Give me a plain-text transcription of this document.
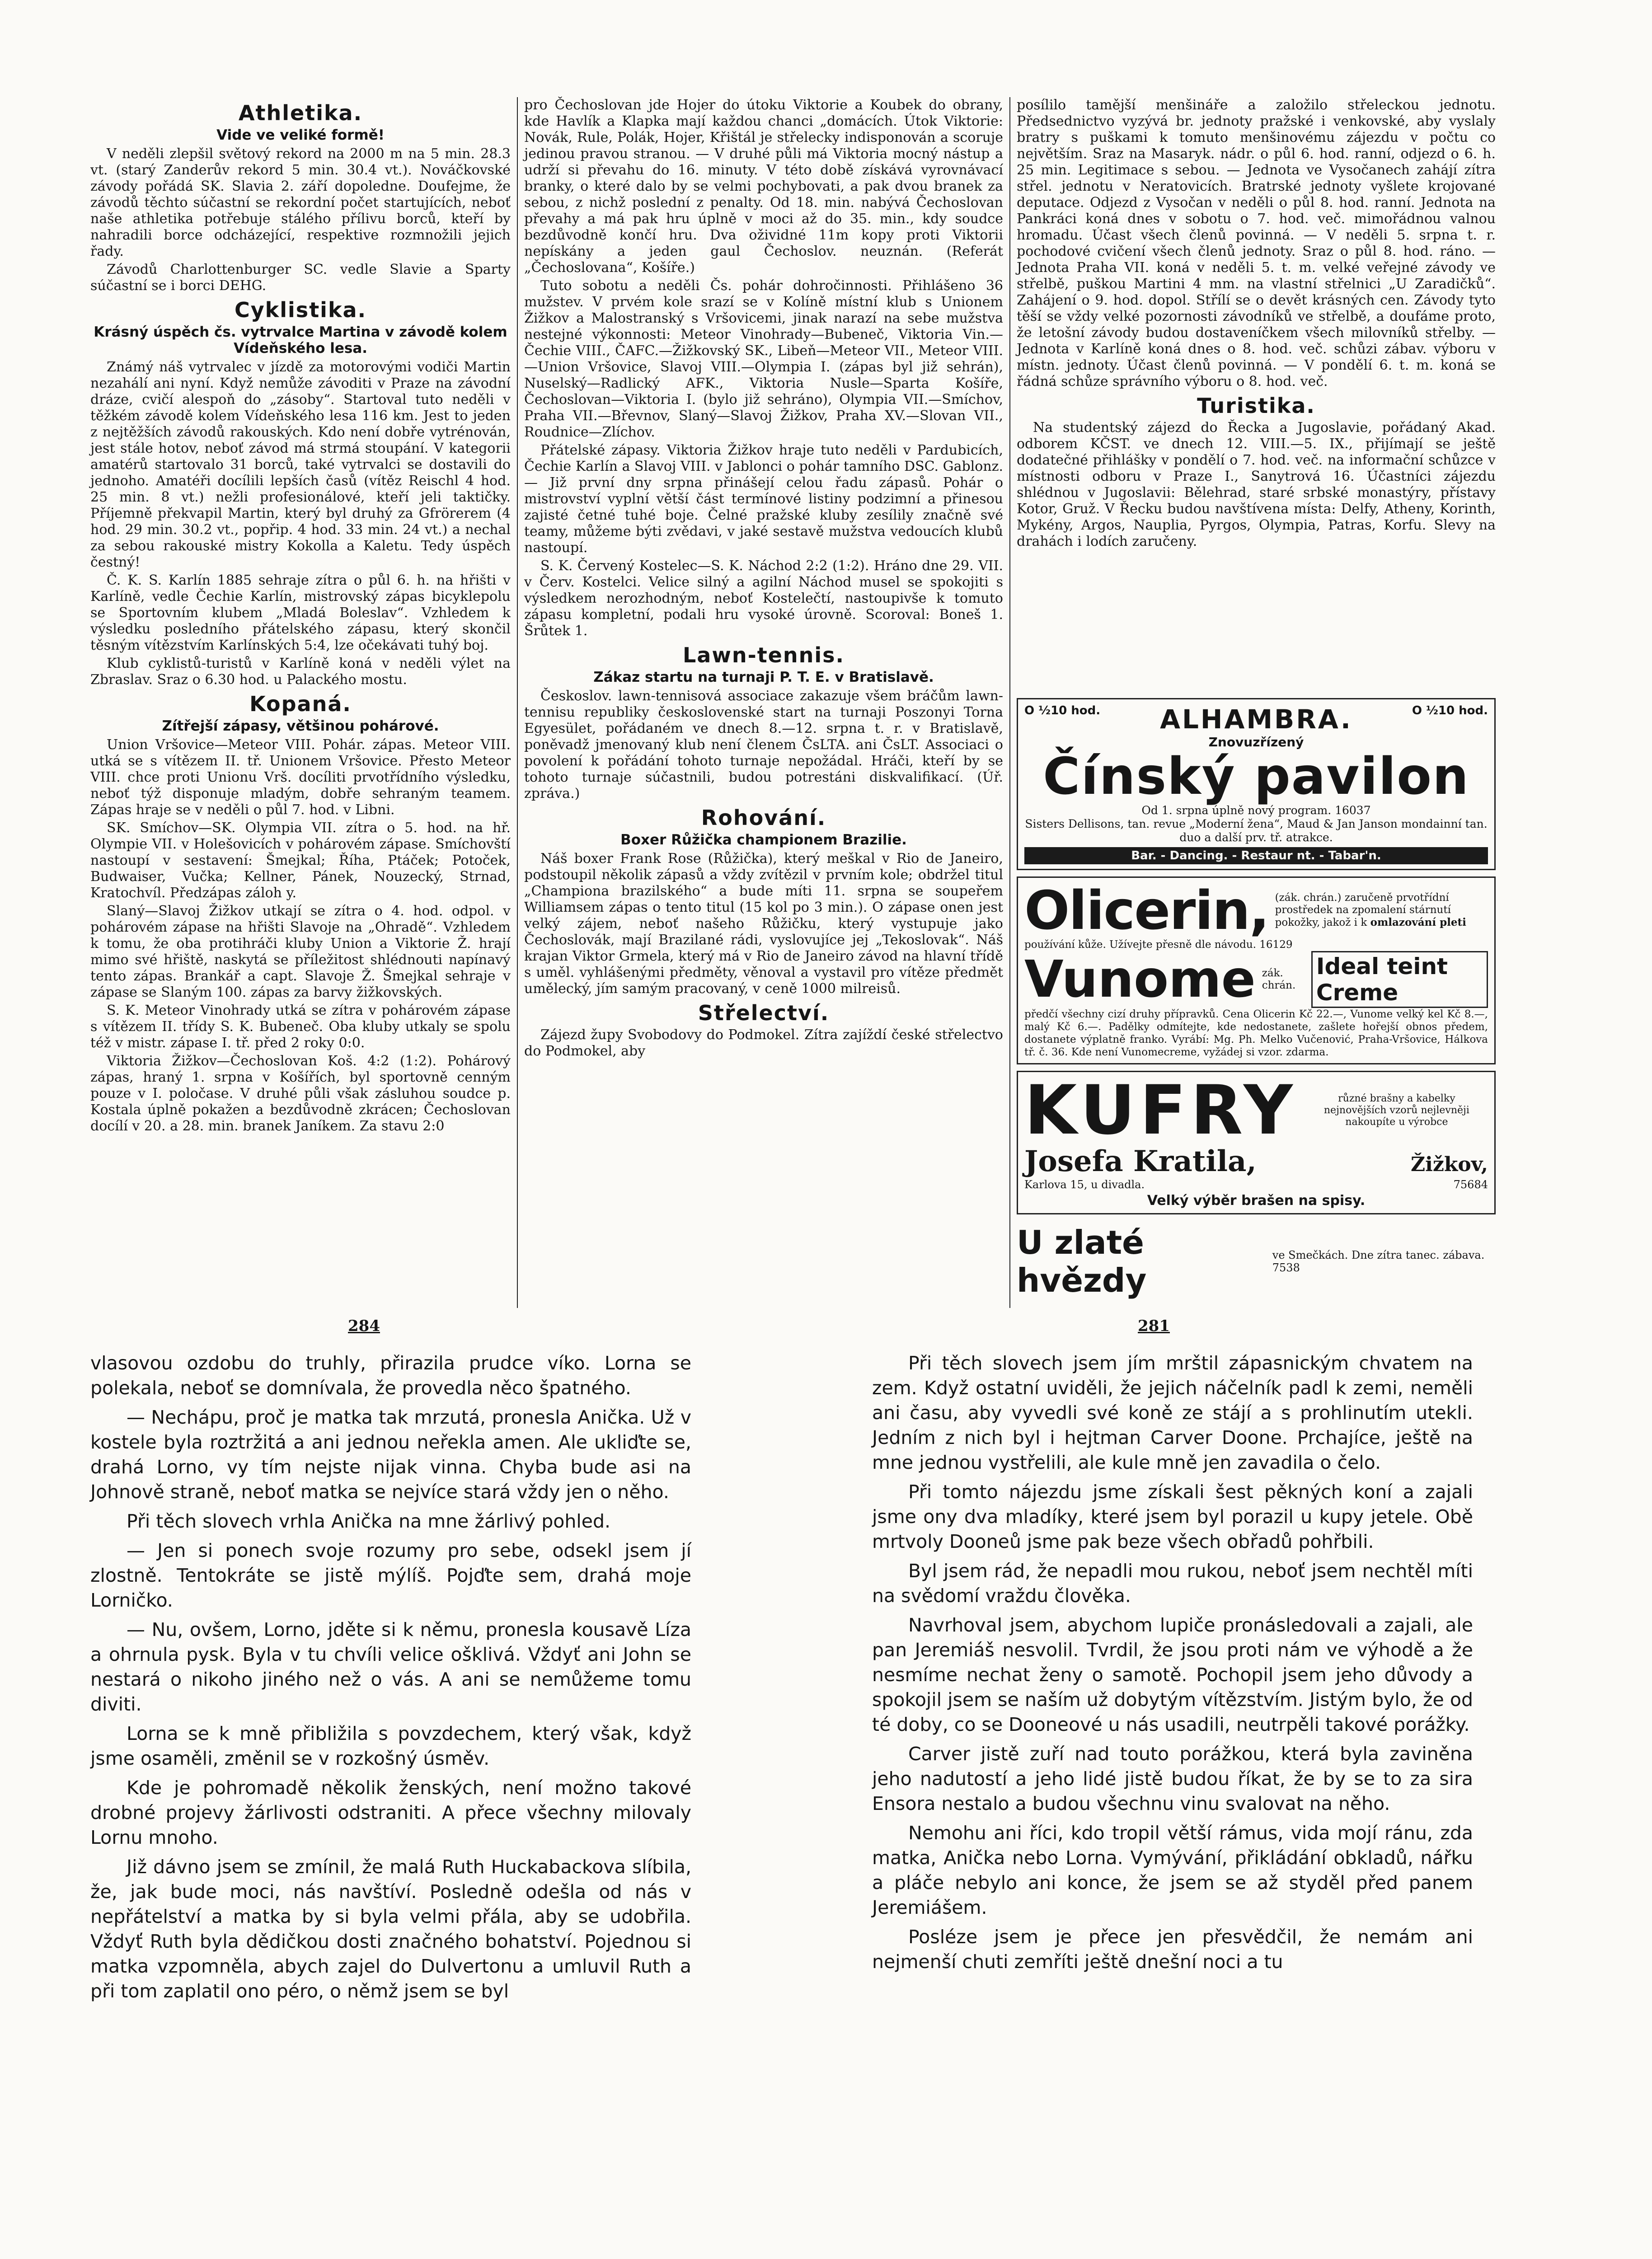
Athletika.
Vide ve veliké formě!
V neděli zlepšil světový rekord na 2000 m na 5 min. 28.3 vt. (starý Zanderův rekord 5 min. 30.4 vt.). Nováčkovské závody pořádá SK. Slavia 2. září dopoledne. Doufejme, že závodů těchto súčastní se rekordní počet startujících, neboť naše athletika potřebuje stálého přílivu borců, kteří by nahradili borce odcházející, respektive rozmnožili jejich řady.
Závodů Charlottenburger SC. vedle Slavie a Sparty súčastní se i borci DEHG.
Cyklistika.
Krásný úspěch čs. vytrvalce Martina v závodě kolem Vídeňského lesa.
Známý náš vytrvalec v jízdě za motorovými vodiči Martin nezahálí ani nyní. Když nemůže závoditi v Praze na závodní dráze, cvičí alespoň do „zásoby“. Startoval tuto neděli v těžkém závodě kolem Vídeňského lesa 116 km. Jest to jeden z nejtěžších závodů rakouských. Kdo není dobře vytrénován, jest stále hotov, neboť závod má strmá stoupání. V kategorii amatérů startovalo 31 borců, také vytrvalci se dostavili do jednoho. Amatéři docílili lepších časů (vítěz Reischl 4 hod. 25 min. 8 vt.) nežli profesionálové, kteří jeli taktičky. Příjemně překvapil Martin, který byl druhý za Gfrörerem (4 hod. 29 min. 30.2 vt., popřip. 4 hod. 33 min. 24 vt.) a nechal za sebou rakouské mistry Kokolla a Kaletu. Tedy úspěch čestný!
Č. K. S. Karlín 1885 sehraje zítra o půl 6. h. na hřišti v Karlíně, vedle Čechie Karlín, mistrovský zápas bicyklepolu se Sportovním klubem „Mladá Boleslav“. Vzhledem k výsledku posledního přátelského zápasu, který skončil těsným vítězstvím Karlínských 5:4, lze očekávati tuhý boj.
Klub cyklistů-turistů v Karlíně koná v neděli výlet na Zbraslav. Sraz o 6.30 hod. u Palackého mostu.
Kopaná.
Zítřejší zápasy, většinou pohárové.
Union Vršovice—Meteor VIII. Pohár. zápas. Meteor VIII. utká se s vítězem II. tř. Unionem Vršovice. Přesto Meteor VIII. chce proti Unionu Vrš. docíliti prvotřídního výsledku, neboť týž disponuje mladým, dobře sehraným teamem. Zápas hraje se v neděli o půl 7. hod. v Libni.
SK. Smíchov—SK. Olympia VII. zítra o 5. hod. na hř. Olympie VII. v Holešovicích v pohárovém zápase. Smíchovští nastoupí v sestavení: Šmejkal; Říha, Ptáček; Potoček, Budwaiser, Vučka; Kellner, Pánek, Nouzecký, Strnad, Kratochvíl. Předzápas záloh y.
Slaný—Slavoj Žižkov utkají se zítra o 4. hod. odpol. v pohárovém zápase na hřišti Slavoje na „Ohradě“. Vzhledem k tomu, že oba protihráči kluby Union a Viktorie Ž. hrají mimo své hřiště, naskytá se příležitost shlédnouti napínavý tento zápas. Brankář a capt. Slavoje Ž. Šmejkal sehraje v zápase se Slaným 100. zápas za barvy žižkovských.
S. K. Meteor Vinohrady utká se zítra v pohárovém zápase s vítězem II. třídy S. K. Bubeneč. Oba kluby utkaly se spolu též v mistr. zápase I. tř. před 2 roky 0:0.
Viktoria Žižkov—Čechoslovan Koš. 4:2 (1:2). Pohárový zápas, hraný 1. srpna v Košířích, byl sportovně cenným pouze v I. poločase. V druhé půli však zásluhou soudce p. Kostala úplně pokažen a bezdůvodně zkrácen; Čechoslovan docílí v 20. a 28. min. branek Janíkem. Za stavu 2:0
pro Čechoslovan jde Hojer do útoku Viktorie a Koubek do obrany, kde Havlík a Klapka mají každou chanci „domácích. Útok Viktorie: Novák, Rule, Polák, Hojer, Křištál je střelecky indisponován a scoruje jedinou pravou stranou. — V druhé půli má Viktoria mocný nástup a udrží si převahu do 16. minuty. V této době získává vyrovnávací branky, o které dalo by se velmi pochybovati, a pak dvou branek za sebou, z nichž poslední z penalty. Od 18. min. nabývá Čechoslovan převahy a má pak hru úplně v moci až do 35. min., kdy soudce bezdůvodně končí hru. Dva ožividné 11m kopy proti Viktorii nepískány a jeden gaul Čechoslov. neuznán. (Referát „Čechoslovana“, Košíře.)
Tuto sobotu a neděli Čs. pohár dohročinnosti. Přihlášeno 36 mužstev. V prvém kole srazí se v Kolíně místní klub s Unionem Žižkov a Malostranský s Vršovicemi, jinak narazí na sebe mužstva nestejné výkonnosti: Meteor Vinohrady—Bubeneč, Viktoria Vin.—Čechie VIII., ČAFC.—Žižkovský SK., Libeň—Meteor VII., Meteor VIII.—Union Vršovice, Slavoj VIII.—Olympia I. (zápas byl již sehrán), Nuselský—Radlický AFK., Viktoria Nusle—Sparta Košíře, Čechoslovan—Viktoria I. (bylo již sehráno), Olympia VII.—Smíchov, Praha VII.—Břevnov, Slaný—Slavoj Žižkov, Praha XV.—Slovan VII., Roudnice—Zlíchov.
Přátelské zápasy. Viktoria Žižkov hraje tuto neděli v Pardubicích, Čechie Karlín a Slavoj VIII. v Jablonci o pohár tamního DSC. Gablonz. — Již první dny srpna přinášejí celou řadu zápasů. Pohár o mistrovství vyplní větší část termínové listiny podzimní a přinesou zajisté četné tuhé boje. Čelné pražské kluby zesílily značně své teamy, můžeme býti zvědavi, v jaké sestavě mužstva vedoucích klubů nastoupí.
S. K. Červený Kostelec—S. K. Náchod 2:2 (1:2). Hráno dne 29. VII. v Červ. Kostelci. Velice silný a agilní Náchod musel se spokojiti s výsledkem nerozhodným, neboť Kostelečtí, nastoupivše k tomuto zápasu kompletní, podali hru vysoké úrovně. Scoroval: Boneš 1. Šrůtek 1.
Lawn-tennis.
Zákaz startu na turnaji P. T. E. v Bratislavě.
Českoslov. lawn-tennisová associace zakazuje všem bráčům lawn-tennisu republiky československé start na turnaji Poszonyi Torna Egyesület, pořádaném ve dnech 8.—12. srpna t. r. v Bratislavě, poněvadž jmenovaný klub není členem ČsLTA. ani ČsLT. Associaci o povolení k pořádání tohoto turnaje nepožádal. Hráči, kteří by se tohoto turnaje súčastnili, budou potrestáni diskvalifikací. (Úř. zpráva.)
Rohování.
Boxer Růžička championem Brazilie.
Náš boxer Frank Rose (Růžička), který meškal v Rio de Janeiro, podstoupil několik zápasů a vždy zvítězil v prvním kole; obdržel titul „Championa brazilského“ a bude míti 11. srpna se soupeřem Williamsem zápas o tento titul (15 kol po 3 min.). O zápase onen jest velký zájem, neboť našeho Růžičku, který vystupuje jako Čechoslovák, mají Brazilané rádi, vyslovujíce jej „Tekoslovak“. Náš krajan Viktor Grmela, který má v Rio de Janeiro závod na hlavní třídě s uměl. vyhlášenými předměty, věnoval a vystavil pro vítěze předmět umělecký, jím samým pracovaný, v ceně 1000 milreisů.
Střelectví.
Zájezd župy Svobodovy do Podmokel. Zítra zajíždí české střelectvo do Podmokel, aby
posílilo tamější menšináře a založilo střeleckou jednotu. Předsednictvo vyzývá br. jednoty pražské i venkovské, aby vyslaly bratry s puškami k tomuto menšinovému zájezdu v počtu co největším. Sraz na Masaryk. nádr. o půl 6. hod. ranní, odjezd o 6. h. 25 min. Legitimace s sebou. — Jednota ve Vysočanech zahájí zítra střel. jednotu v Neratovicích. Bratrské jednoty vyšlete krojované deputace. Odjezd z Vysočan v neděli o půl 8. hod. ranní. Jednota na Pankráci koná dnes v sobotu o 7. hod. več. mimořádnou valnou hromadu. Účast všech členů povinná. — V neděli 5. srpna t. r. pochodové cvičení všech členů jednoty. Sraz o půl 8. hod. ráno. — Jednota Praha VII. koná v neděli 5. t. m. velké veřejné závody ve střelbě, puškou Martini 4 mm. na vlastní střelnici „U Zaradičků“. Zahájení o 9. hod. dopol. Střílí se o devět krásných cen. Závody tyto těší se vždy velké pozornosti závodníků ve střelbě, a doufáme proto, že letošní závody budou dostaveníčkem všech milovníků střelby. — Jednota v Karlíně koná dnes o 8. hod. več. schůzi zábav. výboru v místn. jednoty. Účast členů povinná. — V pondělí 6. t. m. koná se řádná schůze správního výboru o 8. hod. več.
Turistika.
Na studentský zájezd do Řecka a Jugoslavie, pořádaný Akad. odborem KČST. ve dnech 12. VIII.—5. IX., přijímají se ještě dodatečné přihlášky v pondělí o 7. hod. več. na informační schůzce v místnosti odboru v Praze I., Sanytrová 16. Účastníci zájezdu shlédnou v Jugoslavii: Bělehrad, staré srbské monastýry, přístavy Kotor, Gruž. V Řecku budou navštívena místa: Delfy, Atheny, Korinth, Mykény, Argos, Nauplia, Pyrgos, Olympia, Patras, Korfu. Slevy na drahách i lodích zaručeny.
O ½10 hod. ALHAMBRA.	O ½10 hod.
Znovuzřízený
Čínský pavilon
Od 1. srpna úplně nový program. 16037
Sisters Dellisons, tan. revue „Moderní žena“, Maud & Jan Janson mondainní tan. duo a další prv. tř. atrakce.
Bar. - Dancing. - Restaur nt. - Tabar'n.
Olicerin, (zák. chrán.) zaručeně prvotřídní prostředek na zpomalení stárnutí pokožky, jakož i k omlazování pleti
používání kůže. Užívejte přesně dle návodu. 16129
Vunome zák. chrán.
Ideal teint Creme
předčí všechny cizí druhy přípravků. Cena Olicerin Kč 22.—, Vunome velký kel Kč 8.—, malý Kč 6.—. Padělky odmítejte, kde nedostanete, zašlete hořejší obnos předem, dostanete výplatně franko. Vyrábí: Mg. Ph. Melko Vučenović, Praha-Vršovice, Hálkova tř. č. 36. Kde není Vunomecreme, vyžádej si vzor. zdarma.
KUFRY	různé brašny a kabelky nejnovějších vzorů nejlevněji nakoupíte u výrobce
Josefa Kratila,	Žižkov,
Karlova 15, u divadla.	75684
Velký výběr brašen na spisy.
U zlaté hvězdy
ve Smečkách. Dne zítra tanec. zábava. 7538
284	281

vlasovou ozdobu do truhly, přirazila prudce víko. Lorna se polekala, neboť se domnívala, že provedla něco špatného.

— Nechápu, proč je matka tak mrzutá, pronesla Anička. Už v kostele byla roztržitá a ani jednou neřekla amen. Ale ukliďte se, drahá Lorno, vy tím nejste nijak vinna. Chyba bude asi na Johnově straně, neboť matka se nejvíce stará vždy jen o něho.

Při těch slovech vrhla Anička na mne žárlivý pohled.

— Jen si ponech svoje rozumy pro sebe, odsekl jsem jí zlostně. Tentokráte se jistě mýlíš. Pojďte sem, drahá moje Lorničko.

— Nu, ovšem, Lorno, jděte si k němu, pronesla kousavě Líza a ohrnula pysk. Byla v tu chvíli velice ošklivá. Vždyť ani John se nestará o nikoho jiného než o vás. A ani se nemůžeme tomu diviti.

Lorna se k mně přibližila s povzdechem, který však, když jsme osaměli, změnil se v rozkošný úsměv.

Kde je pohromadě několik ženských, není možno takové drobné projevy žárlivosti odstraniti. A přece všechny milovaly Lornu mnoho.

Již dávno jsem se zmínil, že malá Ruth Huckabackova slíbila, že, jak bude moci, nás navštíví. Posledně odešla od nás v nepřátelství a matka by si byla velmi přála, aby se udobřila. Vždyť Ruth byla dědičkou dosti značného bohatství. Pojednou si matka vzpomněla, abych zajel do Dulvertonu a umluvil Ruth a při tom zaplatil ono péro, o němž jsem se byl

Při těch slovech jsem jím mrštil zápasnickým chvatem na zem. Když ostatní uviděli, že jejich náčelník padl k zemi, neměli ani času, aby vyvedli své koně ze stájí a s prohlinutím utekli. Jedním z nich byl i hejtman Carver Doone. Prchajíce, ještě na mne jednou vystřelili, ale kule mně jen zavadila o čelo.

Při tomto nájezdu jsme získali šest pěkných koní a zajali jsme ony dva mladíky, které jsem byl porazil u kupy jetele. Obě mrtvoly Dooneů jsme pak beze všech obřadů pohřbili.

Byl jsem rád, že nepadli mou rukou, neboť jsem nechtěl míti na svědomí vraždu člověka.

Navrhoval jsem, abychom lupiče pronásledovali a zajali, ale pan Jeremiáš nesvolil. Tvrdil, že jsou proti nám ve výhodě a že nesmíme nechat ženy o samotě. Pochopil jsem jeho důvody a spokojil jsem se naším už dobytým vítězstvím. Jistým bylo, že od té doby, co se Dooneové u nás usadili, neutrpěli takové porážky.

Carver jistě zuří nad touto porážkou, která byla zaviněna jeho nadutostí a jeho lidé jistě budou říkat, že by se to za sira Ensora nestalo a budou všechnu vinu svalovat na něho.

Nemohu ani říci, kdo tropil větší rámus, vida mojí ránu, zda matka, Anička nebo Lorna. Vymývání, přikládání obkladů, nářku a pláče nebylo ani konce, že jsem se až styděl před panem Jeremiášem.

Posléze jsem je přece jen přesvědčil, že nemám ani nejmenší chuti zemříti ještě dnešní noci a tu
